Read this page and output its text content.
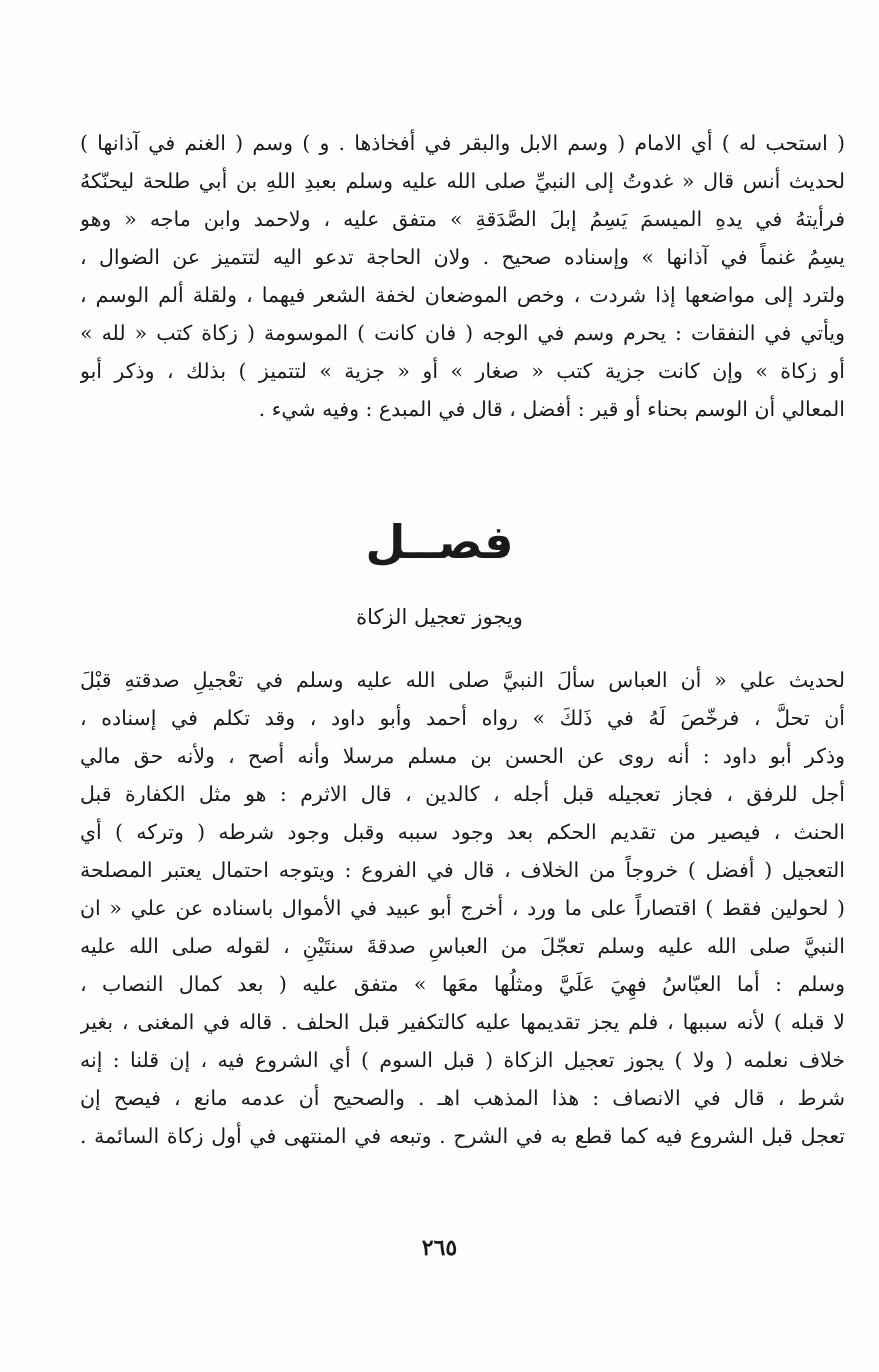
( استحب له ) أي الامام ( وسم الابل والبقر في أفخاذها . و ) وسم ( الغنم في آذانها )
لحديث أنس قال « غدوتُ إلى النبيِّ صلى الله عليه وسلم بعبدِ اللهِ بن أبي طلحة ليحنّكهُ
فرأيتهُ في يدهِ الميسمَ يَسِمُ إبلَ الصَّدَقةِ » متفق عليه ، ولاحمد وابن ماجه « وهو
يسِمُ غنماً في آذانها » وإسناده صحيح . ولان الحاجة تدعو اليه لتتميز عن الضوال ،
ولترد إلى مواضعها إذا شردت ، وخص الموضعان لخفة الشعر فيهما ، ولقلة ألم الوسم ،
ويأتي في النفقات : يحرم وسم في الوجه ( فان كانت ) الموسومة ( زكاة كتب « لله »
أو زكاة » وإن كانت جزية كتب « صغار » أو « جزية » لتتميز ) بذلك ، وذكر أبو
المعالي أن الوسم بحناء أو قير : أفضل ، قال في المبدع : وفيه شيء .
فصــل
ويجوز تعجيل الزكاة
لحديث علي « أن العباس سألَ النبيَّ صلى الله عليه وسلم في تعْجيلِ صدقتهِ قبْلَ
أن تحلَّ ، فرخّصَ لَهُ في ذَلكَ » رواه أحمد وأبو داود ، وقد تكلم في إسناده ،
وذكر أبو داود : أنه روى عن الحسن بن مسلم مرسلا وأنه أصح ، ولأنه حق مالي
أجل للرفق ، فجاز تعجيله قبل أجله ، كالدين ، قال الاثرم : هو مثل الكفارة قبل
الحنث ، فيصير من تقديم الحكم بعد وجود سببه وقبل وجود شرطه ( وتركه ) أي
التعجيل ( أفضل ) خروجاً من الخلاف ، قال في الفروع : ويتوجه احتمال يعتبر المصلحة
( لحولين فقط ) اقتصاراً على ما ورد ، أخرج أبو عبيد في الأموال باسناده عن علي « ان
النبيَّ صلى الله عليه وسلم تعجّلَ من العباسِ صدقةَ سنتَيْنِ ، لقوله صلى الله عليه
وسلم : أما العبّاسُ فهِيَ عَلَيَّ ومثلُها معَها » متفق عليه ( بعد كمال النصاب ،
لا قبله ) لأنه سببها ، فلم يجز تقديمها عليه كالتكفير قبل الحلف . قاله في المغنى ، بغير
خلاف نعلمه ( ولا ) يجوز تعجيل الزكاة ( قبل السوم ) أي الشروع فيه ، إن قلنا : إنه
شرط ، قال في الانصاف : هذا المذهب اهـ . والصحيح أن عدمه مانع ، فيصح إن
تعجل قبل الشروع فيه كما قطع به في الشرح . وتبعه في المنتهى في أول زكاة السائمة .
٢٦٥
